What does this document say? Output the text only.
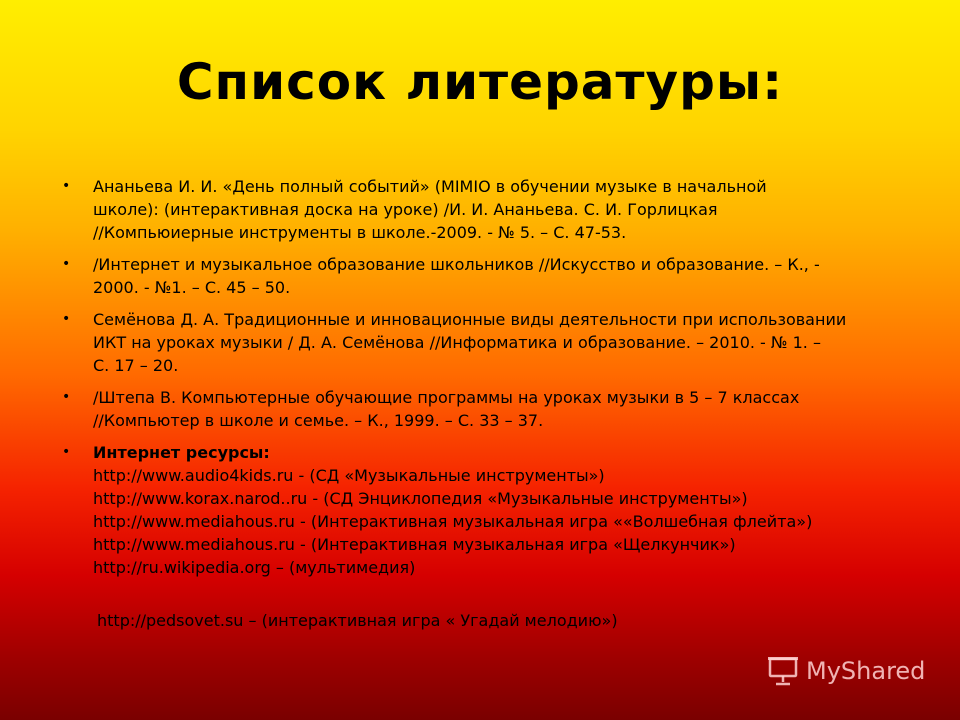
Список литературы:
• Ананьева И. И. «День полный событий» (MIMIO в обучении музыке в начальной
школе): (интерактивная доска на уроке) /И. И. Ананьева. С. И. Горлицкая
//Компьюиерные инструменты в школе.-2009. - № 5. – С. 47-53.
• /Интернет и музыкальное образование школьников //Искусство и образование. – К., -
2000. - №1. – С. 45 – 50.
• Семёнова Д. А. Традиционные и инновационные виды деятельности при использовании
ИКТ на уроках музыки / Д. А. Семёнова //Информатика и образование. – 2010. - № 1. –
С. 17 – 20.
• /Штепа В. Компьютерные обучающие программы на уроках музыки в 5 – 7 классах
//Компьютер в школе и семье. – К., 1999. – С. 33 – 37.
• Интернет ресурсы:
http://www.audio4kids.ru - (СД «Музыкальные инструменты»)
http://www.korax.narod..ru - (СД Энциклопедия «Музыкальные инструменты»)
http://www.mediahous.ru - (Интерактивная музыкальная игра ««Волшебная флейта»)
http://www.mediahous.ru - (Интерактивная музыкальная игра «Щелкунчик»)
http://ru.wikipedia.org – (мультимедия)
http://pedsovet.su – (интерактивная игра « Угадай мелодию»)
MyShared
